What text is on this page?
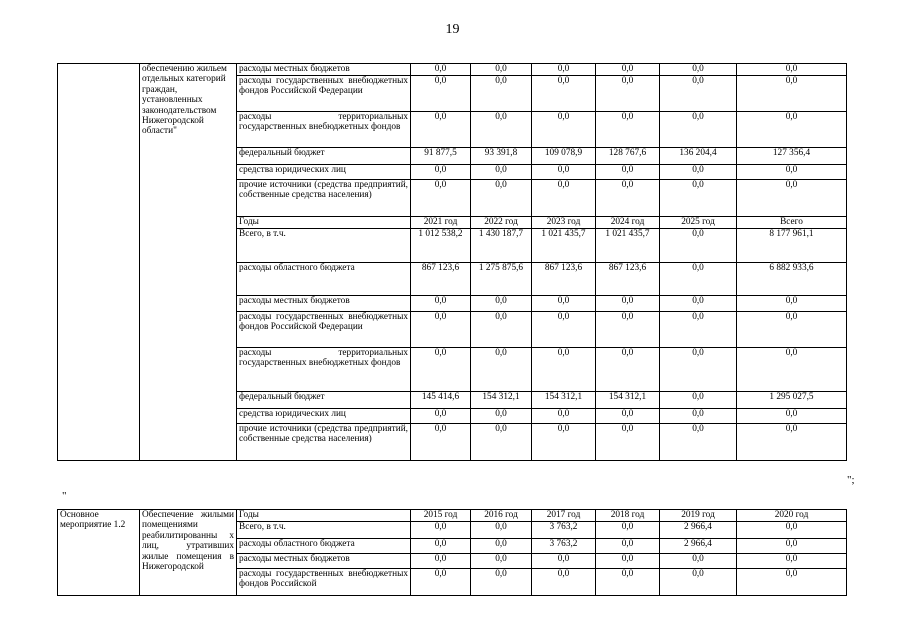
19
	обеспечению жильем отдельных категорий граждан, установленных законодательством Нижегородской области"	расходы местных бюджетов	0,0	0,0	0,0	0,0	0,0	0,0
		расходы государственных внебюджетных фондов Российской Федерации	0,0	0,0	0,0	0,0	0,0	0,0
		расходы территориальных государственных внебюджетных фондов	0,0	0,0	0,0	0,0	0,0	0,0
		федеральный бюджет	91 877,5	93 391,8	109 078,9	128 767,6	136 204,4	127 356,4
		средства юридических лиц	0,0	0,0	0,0	0,0	0,0	0,0
		прочие источники (средства предприятий, собственные средства населения)	0,0	0,0	0,0	0,0	0,0	0,0
		Годы	2021 год	2022 год	2023 год	2024 год	2025 год	Всего
		Всего, в т.ч.	1 012 538,2	1 430 187,7	1 021 435,7	1 021 435,7	0,0	8 177 961,1
		расходы областного бюджета	867 123,6	1 275 875,6	867 123,6	867 123,6	0,0	6 882 933,6
		расходы местных бюджетов	0,0	0,0	0,0	0,0	0,0	0,0
		расходы государственных внебюджетных фондов Российской Федерации	0,0	0,0	0,0	0,0	0,0	0,0
		расходы территориальных государственных внебюджетных фондов	0,0	0,0	0,0	0,0	0,0	0,0
		федеральный бюджет	145 414,6	154 312,1	154 312,1	154 312,1	0,0	1 295 027,5
		средства юридических лиц	0,0	0,0	0,0	0,0	0,0	0,0
		прочие источники (средства предприятий, собственные средства населения)	0,0	0,0	0,0	0,0	0,0	0,0
";
"
Основное мероприятие 1.2	Обеспечение жилыми помещениями реабилитированны х лиц, утративших жилые помещения в Нижегородской	Годы	2015 год	2016 год	2017 год	2018 год	2019 год	2020 год
		Всего, в т.ч.	0,0	0,0	3 763,2	0,0	2 966,4	0,0
		расходы областного бюджета	0,0	0,0	3 763,2	0,0	2 966,4	0,0
		расходы местных бюджетов	0,0	0,0	0,0	0,0	0,0	0,0
		расходы государственных внебюджетных фондов Российской	0,0	0,0	0,0	0,0	0,0	0,0
